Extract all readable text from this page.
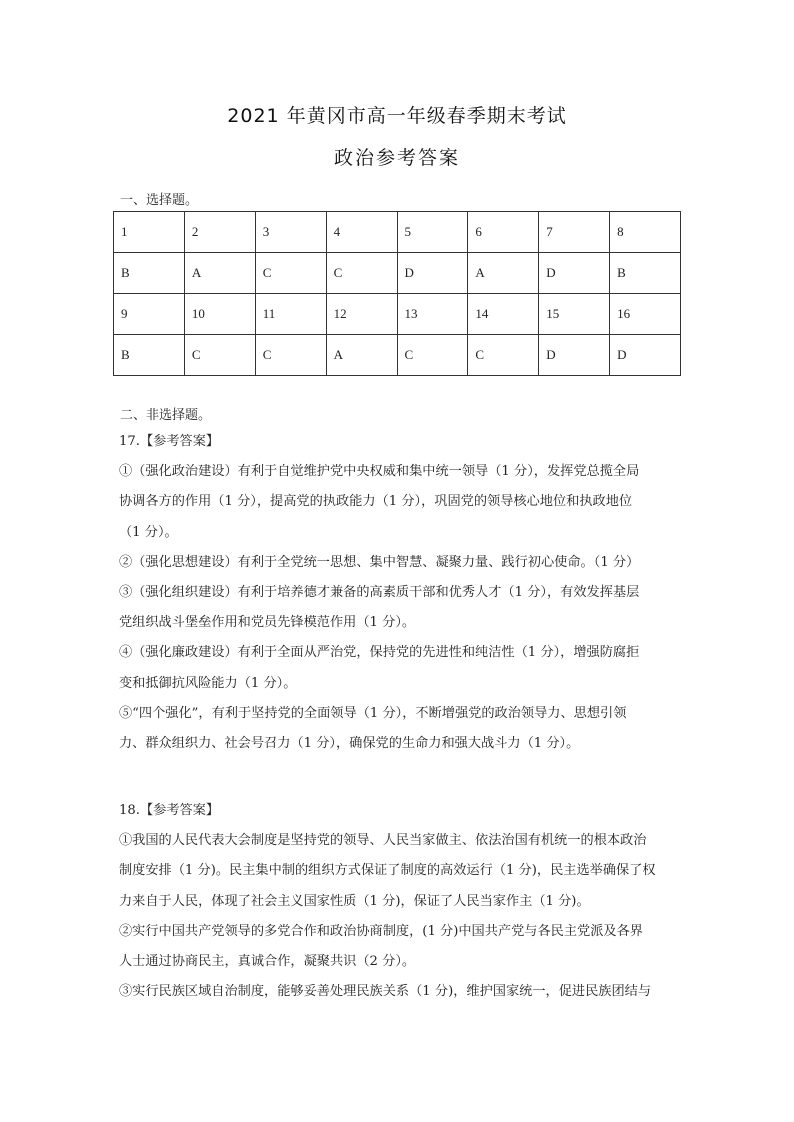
2021 年黄冈市高一年级春季期末考试
政治参考答案
一、选择题。
1	2	3	4	5	6	7	8
B	A	C	C	D	A	D	B
9	10	11	12	13	14	15	16
B	C	C	A	C	C	D	D
二、非选择题。

17.【参考答案】

①（强化政治建设）有利于自觉维护党中央权威和集中统一领导（1 分），发挥党总揽全局

协调各方的作用（1 分），提高党的执政能力（1 分），巩固党的领导核心地位和执政地位

（1 分）。

②（强化思想建设）有利于全党统一思想、集中智慧、凝聚力量、践行初心使命。（1 分）

③（强化组织建设）有利于培养德才兼备的高素质干部和优秀人才（1 分），有效发挥基层

党组织战斗堡垒作用和党员先锋模范作用（1 分）。

④（强化廉政建设）有利于全面从严治党，保持党的先进性和纯洁性（1 分），增强防腐拒

变和抵御抗风险能力（1 分）。

⑤“四个强化”，有利于坚持党的全面领导（1 分），不断增强党的政治领导力、思想引领

力、群众组织力、社会号召力（1 分），确保党的生命力和强大战斗力（1 分）。

18.【参考答案】

①我国的人民代表大会制度是坚持党的领导、人民当家做主、依法治国有机统一的根本政治

制度安排（1 分)。民主集中制的组织方式保证了制度的高效运行（1 分)，民主选举确保了权

力来自于人民，体现了社会主义国家性质（1 分)，保证了人民当家作主（1 分)。

②实行中国共产党领导的多党合作和政治协商制度，(1 分)中国共产党与各民主党派及各界

人士通过协商民主，真诚合作，凝聚共识（2 分）。

③实行民族区域自治制度，能够妥善处理民族关系（1 分)，维护国家统一，促进民族团结与
